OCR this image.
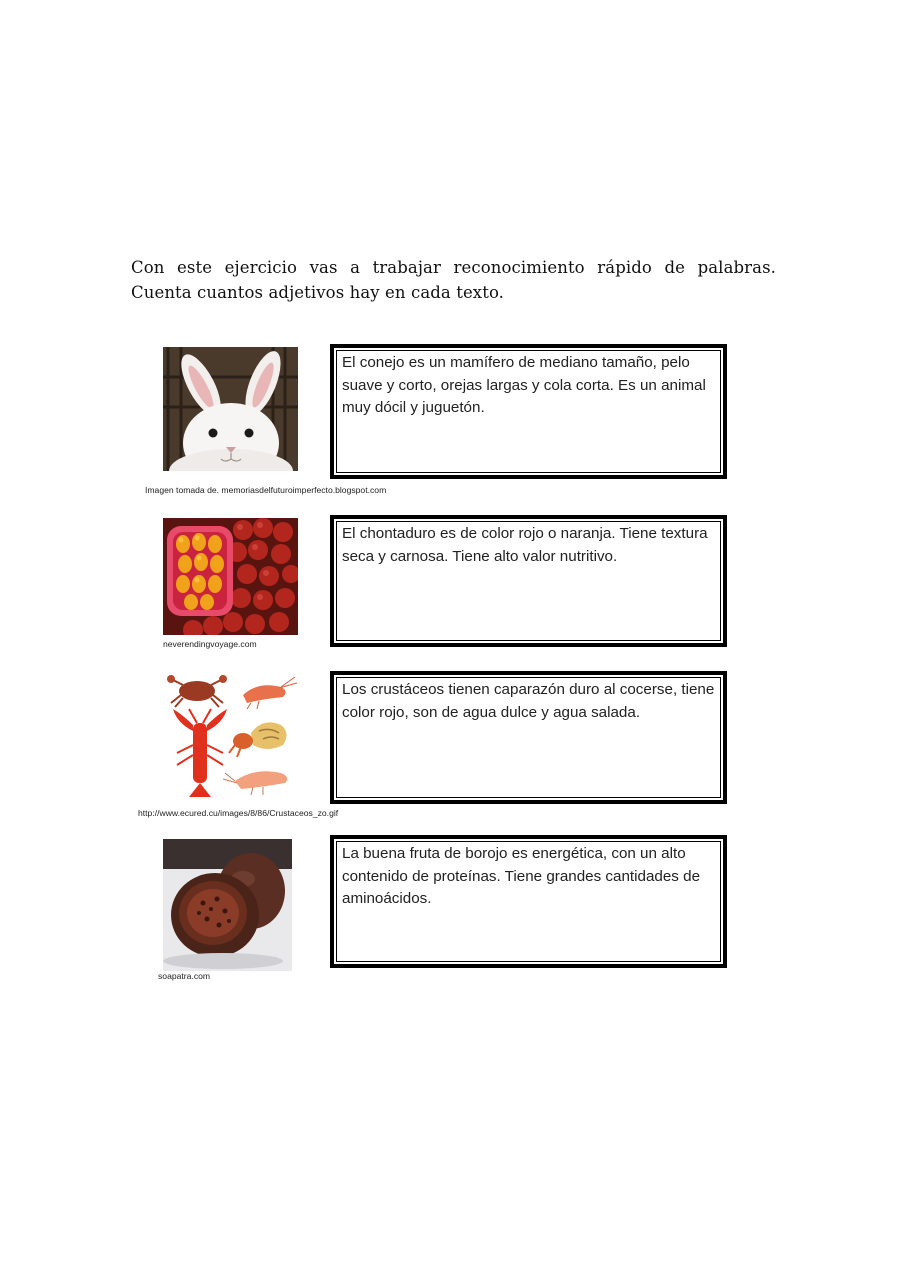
Con este ejercicio vas a trabajar reconocimiento rápido de palabras. Cuenta cuantos adjetivos hay en cada texto.

Imagen tomada de. memoriasdelfuturoimperfecto.blogspot.com
El conejo es un mamífero de mediano tamaño, pelo suave y corto, orejas largas y cola corta. Es un animal muy dócil y juguetón.
neverendingvoyage.com
El chontaduro es de color rojo o naranja. Tiene textura seca y carnosa. Tiene alto valor nutritivo.
http://www.ecured.cu/images/8/86/Crustaceos_zo.gif
Los crustáceos tienen caparazón duro al cocerse, tiene color rojo, son de agua dulce y agua salada.
soapatra.com
La buena fruta de borojo es energética, con un alto contenido de proteínas. Tiene grandes cantidades de aminoácidos.
